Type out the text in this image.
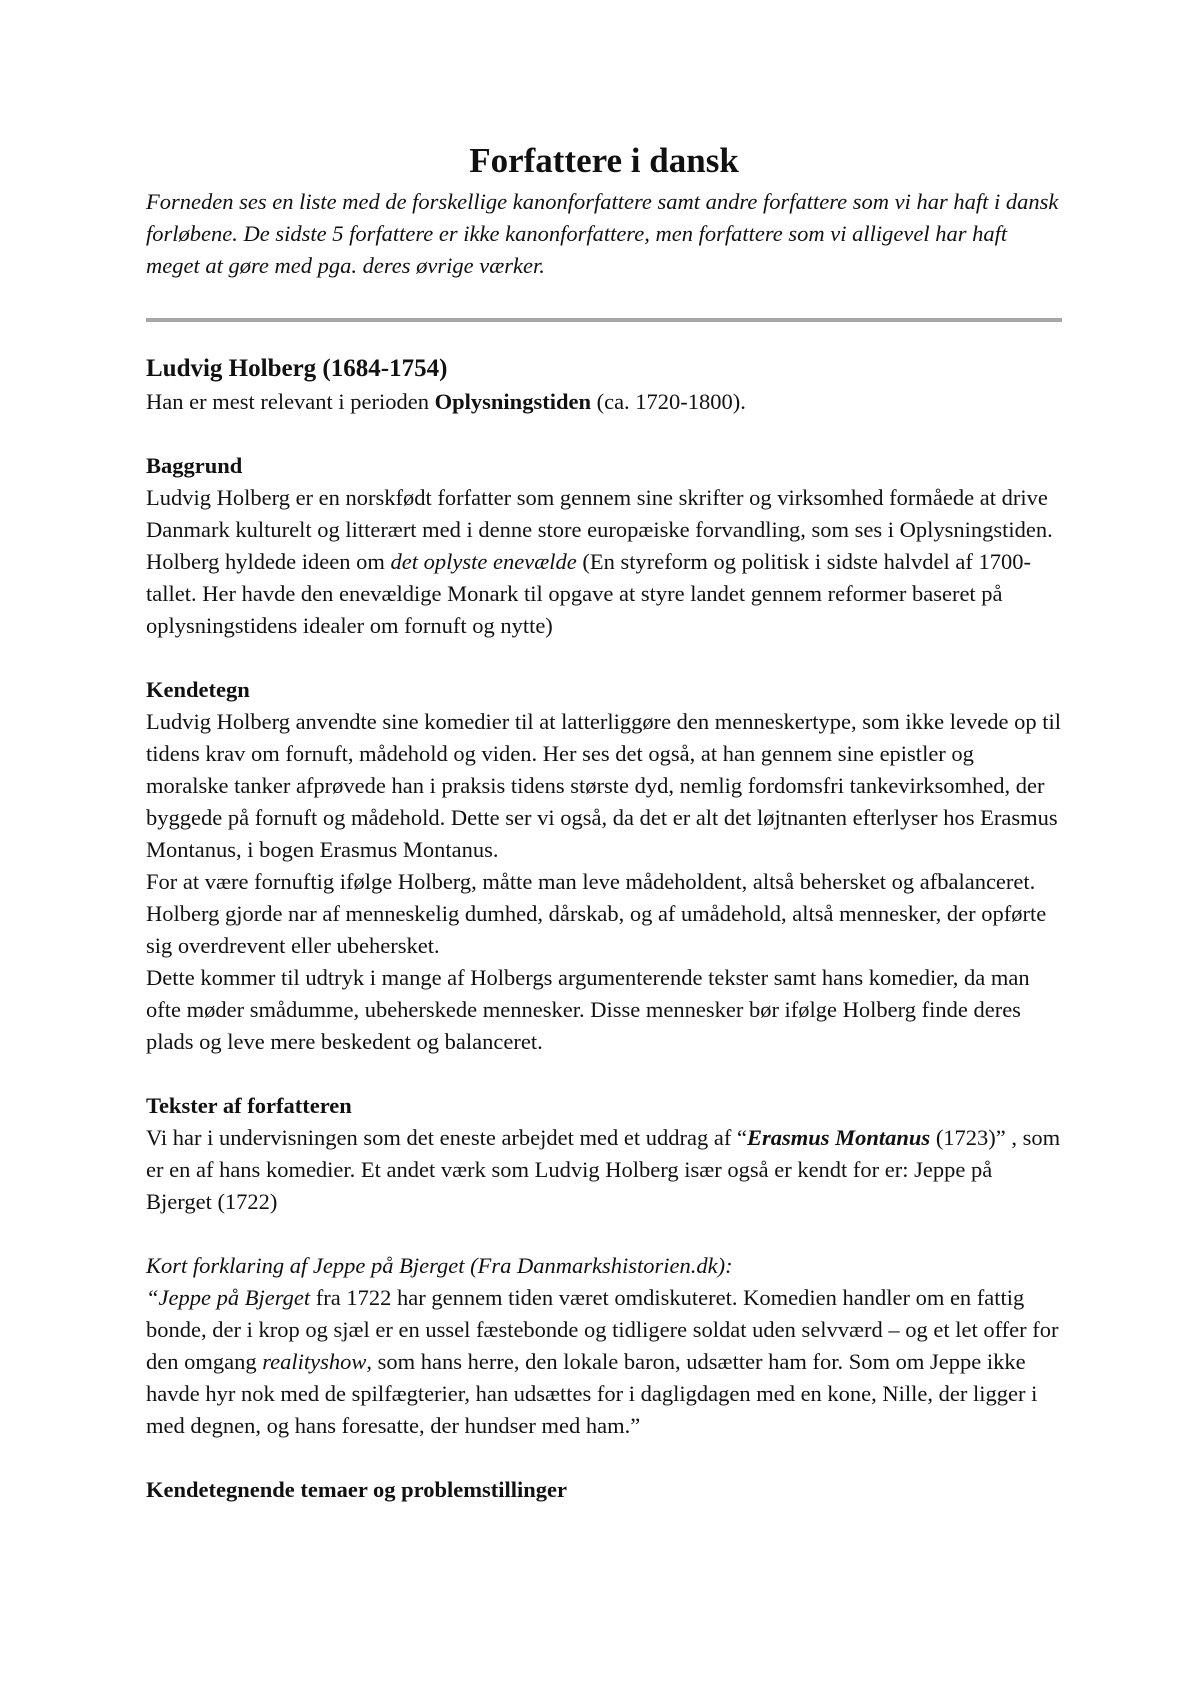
Forfattere i dansk

Forneden ses en liste med de forskellige kanonforfattere samt andre forfattere som vi har haft i dansk forløbene. De sidste 5 forfattere er ikke kanonforfattere, men forfattere som vi alligevel har haft meget at gøre med pga. deres øvrige værker.

Ludvig Holberg (1684-1754)

Han er mest relevant i perioden Oplysningstiden (ca. 1720-1800).

Baggrund

Ludvig Holberg er en norskfødt forfatter som gennem sine skrifter og virksomhed formåede at drive Danmark kulturelt og litterært med i denne store europæiske forvandling, som ses i Oplysningstiden. Holberg hyldede ideen om det oplyste enevælde (En styreform og politisk i sidste halvdel af 1700-tallet. Her havde den enevældige Monark til opgave at styre landet gennem reformer baseret på oplysningstidens idealer om fornuft og nytte)

Kendetegn

Ludvig Holberg anvendte sine komedier til at latterliggøre den menneskertype, som ikke levede op til tidens krav om fornuft, mådehold og viden. Her ses det også, at han gennem sine epistler og moralske tanker afprøvede han i praksis tidens største dyd, nemlig fordomsfri tankevirksomhed, der byggede på fornuft og mådehold. Dette ser vi også, da det er alt det løjtnanten efterlyser hos Erasmus Montanus, i bogen Erasmus Montanus.

For at være fornuftig ifølge Holberg, måtte man leve mådeholdent, altså behersket og afbalanceret. Holberg gjorde nar af menneskelig dumhed, dårskab, og af umådehold, altså mennesker, der opførte sig overdrevent eller ubehersket.

Dette kommer til udtryk i mange af Holbergs argumenterende tekster samt hans komedier, da man ofte møder smådumme, ubeherskede mennesker. Disse mennesker bør ifølge Holberg finde deres plads og leve mere beskedent og balanceret.

Tekster af forfatteren

Vi har i undervisningen som det eneste arbejdet med et uddrag af “Erasmus Montanus (1723)” , som er en af hans komedier. Et andet værk som Ludvig Holberg især også er kendt for er: Jeppe på Bjerget (1722)

Kort forklaring af Jeppe på Bjerget (Fra Danmarkshistorien.dk):

“Jeppe på Bjerget fra 1722 har gennem tiden været omdiskuteret. Komedien handler om en fattig bonde, der i krop og sjæl er en ussel fæstebonde og tidligere soldat uden selvværd – og et let offer for den omgang realityshow, som hans herre, den lokale baron, udsætter ham for. Som om Jeppe ikke havde hyr nok med de spilfægterier, han udsættes for i dagligdagen med en kone, Nille, der ligger i med degnen, og hans foresatte, der hundser med ham.”

Kendetegnende temaer og problemstillinger
